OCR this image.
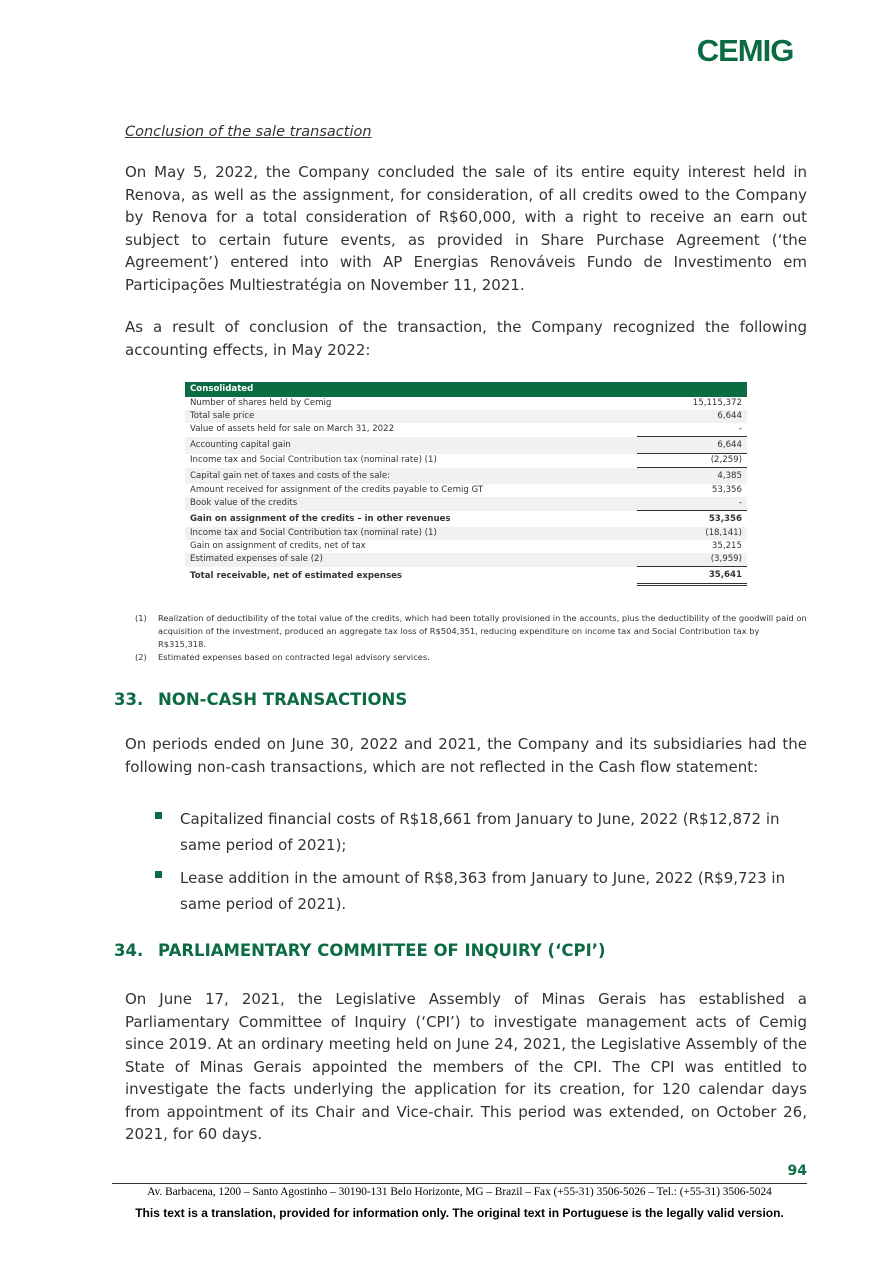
CEMIG
Conclusion of the sale transaction
On May 5, 2022, the Company concluded the sale of its entire equity interest held in Renova, as well as the assignment, for consideration, of all credits owed to the Company by Renova for a total consideration of R$60,000, with a right to receive an earn out subject to certain future events, as provided in Share Purchase Agreement (‘the Agreement’) entered into with AP Energias Renováveis Fundo de Investimento em Participações Multiestratégia on November 11, 2021.
As a result of conclusion of the transaction, the Company recognized the following accounting effects, in May 2022:
Consolidated		
Number of shares held by Cemig		15,115,372
Total sale price		6,644
Value of assets held for sale on March 31, 2022		-
Accounting capital gain		6,644
Income tax and Social Contribution tax (nominal rate) (1)		(2,259)
Capital gain net of taxes and costs of the sale:		4,385
Amount received for assignment of the credits payable to Cemig GT		53,356
Book value of the credits		-
Gain on assignment of the credits – in other revenues		53,356
Income tax and Social Contribution tax (nominal rate) (1)		(18,141)
Gain on assignment of credits, net of tax		35,215
Estimated expenses of sale (2)		(3,959)
Total receivable, net of estimated expenses		35,641
(1)	Realization of deductibility of the total value of the credits, which had been totally provisioned in the accounts, plus the deductibility of the goodwill paid on acquisition of the investment, produced an aggregate tax loss of R$504,351, reducing expenditure on income tax and Social Contribution tax by R$315,318.
(2)	Estimated expenses based on contracted legal advisory services.
33. NON-CASH TRANSACTIONS
On periods ended on June 30, 2022 and 2021, the Company and its subsidiaries had the following non-cash transactions, which are not reflected in the Cash flow statement:
Capitalized financial costs of R$18,661 from January to June, 2022 (R$12,872 in same period of 2021);
Lease addition in the amount of R$8,363 from January to June, 2022 (R$9,723 in same period of 2021).
34. PARLIAMENTARY COMMITTEE OF INQUIRY (‘CPI’)
On June 17, 2021, the Legislative Assembly of Minas Gerais has established a Parliamentary Committee of Inquiry (‘CPI’) to investigate management acts of Cemig since 2019. At an ordinary meeting held on June 24, 2021, the Legislative Assembly of the State of Minas Gerais appointed the members of the CPI. The CPI was entitled to investigate the facts underlying the application for its creation, for 120 calendar days from appointment of its Chair and Vice-chair. This period was extended, on October 26, 2021, for 60 days.
94
Av. Barbacena, 1200 – Santo Agostinho – 30190-131 Belo Horizonte, MG – Brazil – Fax (+55-31) 3506-5026 – Tel.: (+55-31) 3506-5024
This text is a translation, provided for information only. The original text in Portuguese is the legally valid version.
